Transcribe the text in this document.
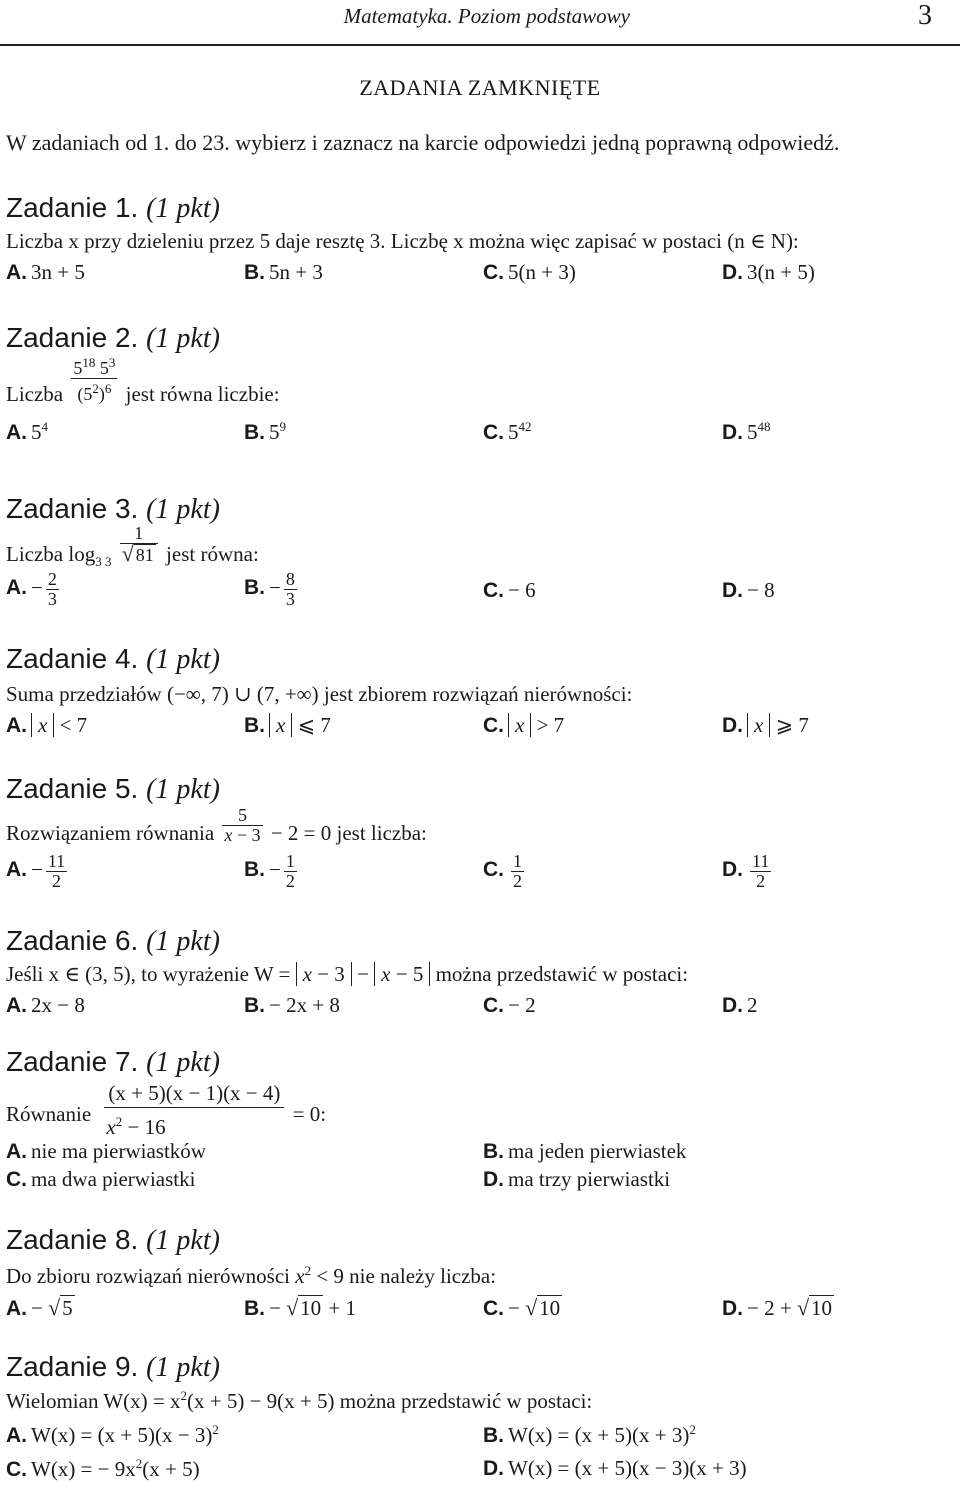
Matematyka. Poziom podstawowy	3
ZADANIA ZAMKNIĘTE
W zadaniach od 1. do 23. wybierz i zaznacz na karcie odpowiedzi jedną poprawną odpowiedź.
Zadanie 1. (1 pkt)
Liczba x przy dzieleniu przez 5 daje resztę 3. Liczbę x można więc zapisać w postaci (n ∈ N):
A. 3n + 5	B. 5n + 3	C. 5(n + 3)	D. 3(n + 5)
Zadanie 2. (1 pkt)
Liczba $\frac{5^{18} 5^3}{(5^2)^6}$ jest równa liczbie:
A. $5^4$	B. $5^9$	C. $5^{42}$	D. $5^{48}$
Zadanie 3. (1 pkt)
Liczba $\log_3 _3 \frac{1}{√ 81}$ jest równa:
A. − $\frac{2}{3}$	B. − $\frac{8}{3}$	C. − 6	D. − 8
Zadanie 4. (1 pkt)
Suma przedziałów (−∞, 7) ∪ (7, +∞) jest zbiorem rozwiązań nierówności:
A. x < 7	B. x ⩽ 7	C. x > 7	D. x ⩾ 7
Zadanie 5. (1 pkt)
Rozwiązaniem równania $\frac{5}{x - 3} - 2 = 0$ jest liczba:
A. − $\frac{11}{2}$	B. − $\frac{1}{2}$	C. $\frac{1}{2}$	D. $\frac{11}{2}$
Zadanie 6. (1 pkt)
Jeśli x ∈ (3, 5), to wyrażenie W = x − 3 − x − 5 można przedstawić w postaci:
A. 2x − 8	B. − 2x + 8	C. − 2	D. 2
Zadanie 7. (1 pkt)
Równanie $\frac{(x + 5)(x - 1)(x - 4)}{x^2 - 16} = 0$:
A. nie ma pierwiastków	B. ma jeden pierwiastek
C. ma dwa pierwiastki	D. ma trzy pierwiastki
Zadanie 8. (1 pkt)
Do zbioru rozwiązań nierówności $x^2 < 9$ nie należy liczba:
A. − √5	B. − √10 + 1	C. − √10	D. − 2 + √10
Zadanie 9. (1 pkt)
Wielomian $W(x) = x^2(x + 5) - 9(x + 5)$ można przedstawić w postaci:
A. $W(x) = (x + 5)(x - 3)^2$	B. $W(x) = (x + 5)(x + 3)^2$
C. W(x) = − $9x^2(x + 5)$	D. W(x) = (x + 5)(x − 3)(x + 3)
